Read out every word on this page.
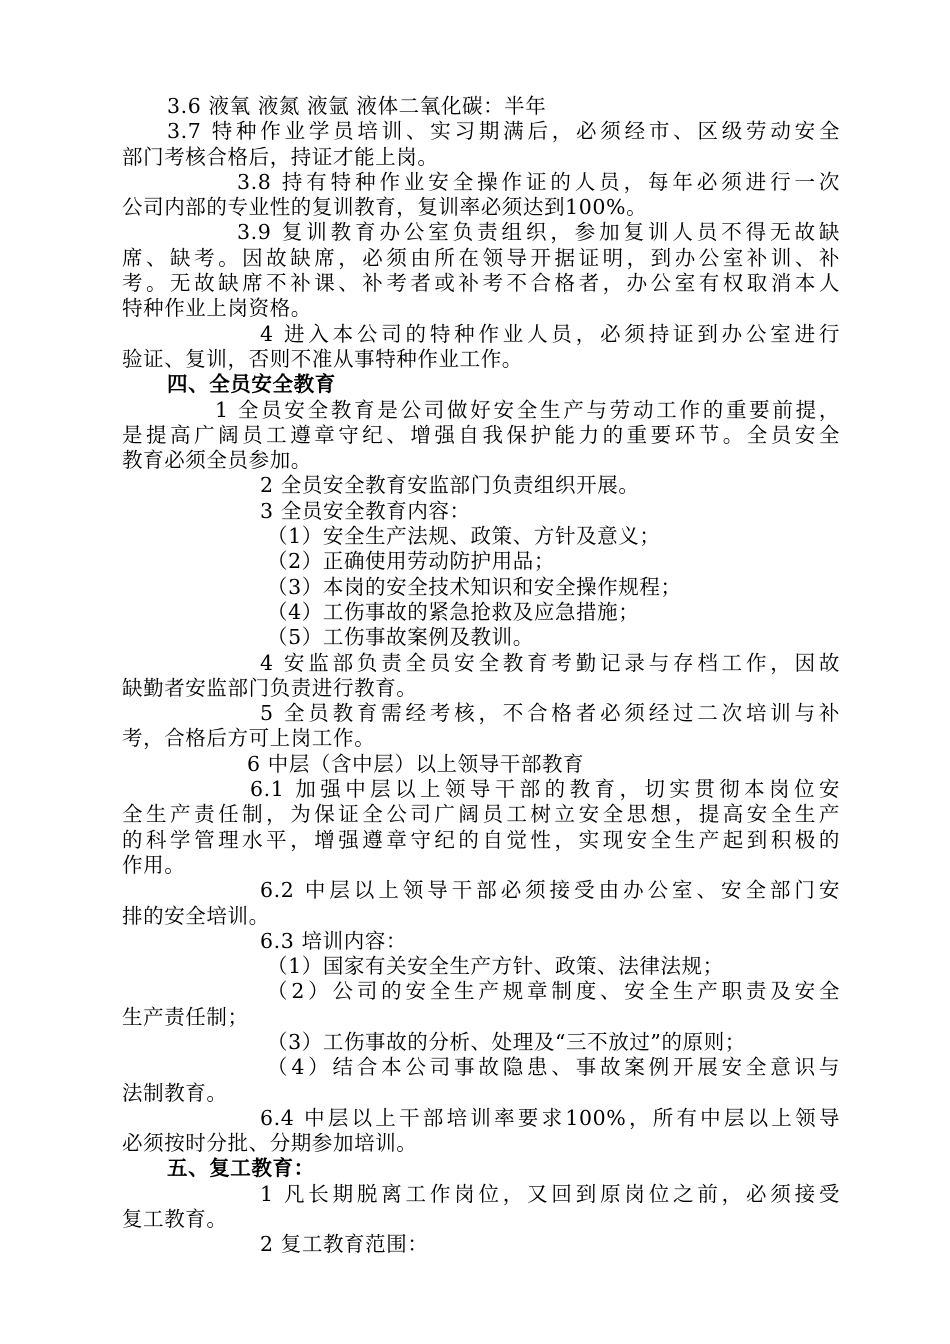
3.6 液氧 液氮 液氩 液体二氧化碳：半年
3.7 特种作业学员培训、实习期满后，必须经市、区级劳动安全
部门考核合格后，持证才能上岗。
3.8 持有特种作业安全操作证的人员，每年必须进行一次
公司内部的专业性的复训教育，复训率必须达到100%。
3.9 复训教育办公室负责组织，参加复训人员不得无故缺
席、缺考。因故缺席，必须由所在领导开据证明，到办公室补训、补
考。无故缺席不补课、补考者或补考不合格者，办公室有权取消本人
特种作业上岗资格。
4 进入本公司的特种作业人员，必须持证到办公室进行
验证、复训，否则不准从事特种作业工作。
四、全员安全教育
1 全员安全教育是公司做好安全生产与劳动工作的重要前提，
是提高广阔员工遵章守纪、增强自我保护能力的重要环节。全员安全
教育必须全员参加。
2 全员安全教育安监部门负责组织开展。
3 全员安全教育内容：
（1）安全生产法规、政策、方针及意义；
（2）正确使用劳动防护用品；
（3）本岗的安全技术知识和安全操作规程；
（4）工伤事故的紧急抢救及应急措施；
（5）工伤事故案例及教训。
4 安监部负责全员安全教育考勤记录与存档工作，因故
缺勤者安监部门负责进行教育。
5 全员教育需经考核，不合格者必须经过二次培训与补
考，合格后方可上岗工作。
6 中层（含中层）以上领导干部教育
6.1 加强中层以上领导干部的教育，切实贯彻本岗位安
全生产责任制，为保证全公司广阔员工树立安全思想，提高安全生产
的科学管理水平，增强遵章守纪的自觉性，实现安全生产起到积极的
作用。
6.2 中层以上领导干部必须接受由办公室、安全部门安
排的安全培训。
6.3 培训内容：
（1）国家有关安全生产方针、政策、法律法规；
（2）公司的安全生产规章制度、安全生产职责及安全
生产责任制；
（3）工伤事故的分析、处理及“三不放过”的原则；
（4）结合本公司事故隐患、事故案例开展安全意识与
法制教育。
6.4 中层以上干部培训率要求100%，所有中层以上领导
必须按时分批、分期参加培训。
五、复工教育：
1 凡长期脱离工作岗位，又回到原岗位之前，必须接受
复工教育。
2 复工教育范围：
